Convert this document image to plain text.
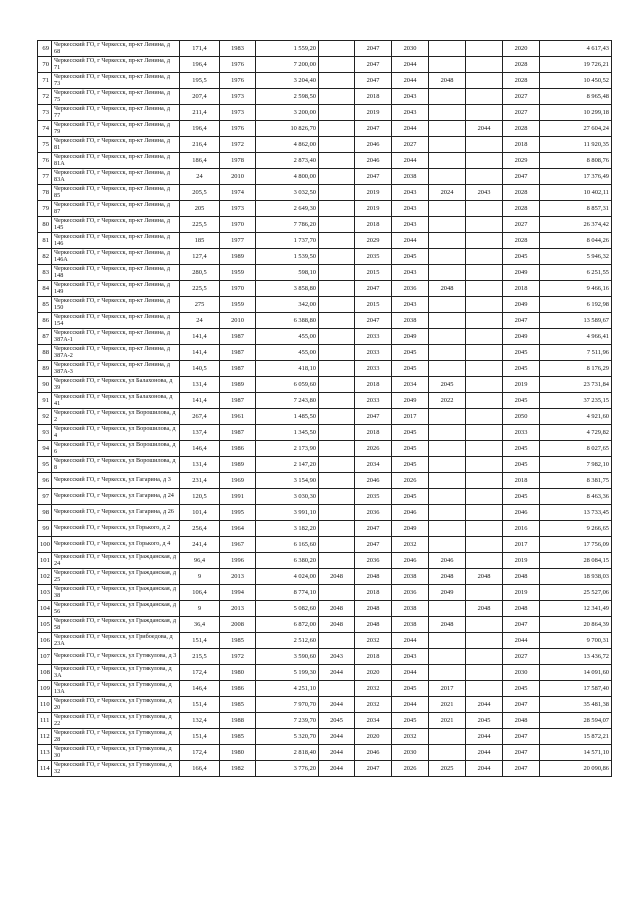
69	Черкесский ГО, г Черкесск, пр-кт Ленина, д 68	171,4	1983	1 559,20		2047	2030			2020	4 617,43
70	Черкесский ГО, г Черкесск, пр-кт Ленина, д 71	196,4	1976	7 200,00		2047	2044			2028	19 726,21
71	Черкесский ГО, г Черкесск, пр-кт Ленина, д 73	195,5	1976	3 204,40		2047	2044	2048		2028	10 450,52
72	Черкесский ГО, г Черкесск, пр-кт Ленина, д 75	207,4	1973	2 598,50		2018	2043			2027	8 965,48
73	Черкесский ГО, г Черкесск, пр-кт Ленина, д 77	211,4	1973	3 200,00		2019	2043			2027	10 299,18
74	Черкесский ГО, г Черкесск, пр-кт Ленина, д 79	196,4	1976	10 826,70		2047	2044		2044	2028	27 604,24
75	Черкесский ГО, г Черкесск, пр-кт Ленина, д 81	216,4	1972	4 862,00		2046	2027			2018	11 920,35
76	Черкесский ГО, г Черкесск, пр-кт Ленина, д 81А	186,4	1978	2 873,40		2046	2044			2029	8 808,76
77	Черкесский ГО, г Черкесск, пр-кт Ленина, д 83А	24	2010	4 800,00		2047	2038			2047	17 376,49
78	Черкесский ГО, г Черкесск, пр-кт Ленина, д 85	205,5	1974	3 032,50		2019	2043	2024	2043	2028	10 402,11
79	Черкесский ГО, г Черкесск, пр-кт Ленина, д 87	205	1973	2 649,30		2019	2043			2028	8 857,31
80	Черкесский ГО, г Черкесск, пр-кт Ленина, д 145	225,5	1970	7 786,20		2018	2043			2027	26 374,42
81	Черкесский ГО, г Черкесск, пр-кт Ленина, д 146	185	1977	1 737,70		2029	2044			2028	8 044,26
82	Черкесский ГО, г Черкесск, пр-кт Ленина, д 146А	127,4	1989	1 539,50		2035	2045			2045	5 946,32
83	Черкесский ГО, г Черкесск, пр-кт Ленина, д 148	280,5	1959	598,10		2015	2043			2049	6 251,55
84	Черкесский ГО, г Черкесск, пр-кт Ленина, д 149	225,5	1970	3 858,80		2047	2036	2048		2018	9 466,16
85	Черкесский ГО, г Черкесск, пр-кт Ленина, д 150	275	1959	342,00		2015	2043			2049	6 192,98
86	Черкесский ГО, г Черкесск, пр-кт Ленина, д 154	24	2010	6 388,80		2047	2038			2047	13 589,67
87	Черкесский ГО, г Черкесск, пр-кт Ленина, д 387А-1	141,4	1987	455,00		2033	2049			2049	4 966,41
88	Черкесский ГО, г Черкесск, пр-кт Ленина, д 387А-2	141,4	1987	455,00		2033	2045			2045	7 511,96
89	Черкесский ГО, г Черкесск, пр-кт Ленина, д 387А-3	140,5	1987	418,10		2033	2045			2045	8 176,29
90	Черкесский ГО, г Черкесск, ул Балахонова, д 39	131,4	1989	6 059,60		2018	2034	2045		2019	23 731,84
91	Черкесский ГО, г Черкесск, ул Балахонова, д 41	141,4	1987	7 243,80		2033	2049	2022		2045	37 235,15
92	Черкесский ГО, г Черкесск, ул Ворошилова, д 2	267,4	1961	1 485,50		2047	2017			2050	4 921,60
93	Черкесский ГО, г Черкесск, ул Ворошилова, д 4	137,4	1987	1 345,50		2018	2045			2033	4 729,82
94	Черкесский ГО, г Черкесск, ул Ворошилова, д 6	146,4	1986	2 173,90		2026	2045			2045	8 027,65
95	Черкесский ГО, г Черкесск, ул Ворошилова, д 8	131,4	1989	2 147,20		2034	2045			2045	7 982,10
96	Черкесский ГО, г Черкесск, ул Гагарина, д 3	231,4	1969	3 154,90		2046	2026			2018	8 381,75
97	Черкесский ГО, г Черкесск, ул Гагарина, д 24	120,5	1991	3 030,30		2035	2045			2045	8 463,36
98	Черкесский ГО, г Черкесск, ул Гагарина, д 26	101,4	1995	3 991,10		2036	2046			2046	13 733,45
99	Черкесский ГО, г Черкесск, ул Горького, д 2	256,4	1964	3 182,20		2047	2049			2016	9 266,65
100	Черкесский ГО, г Черкесск, ул Горького, д 4	241,4	1967	6 165,60		2047	2032			2017	17 756,09
101	Черкесский ГО, г Черкесск, ул Гражданская, д 24	96,4	1996	6 380,20		2036	2046	2046		2019	28 084,15
102	Черкесский ГО, г Черкесск, ул Гражданская, д 25	9	2013	4 024,00	2048	2048	2038	2048	2048	2048	18 938,03
103	Черкесский ГО, г Черкесск, ул Гражданская, д 38	106,4	1994	8 774,10		2018	2036	2049		2019	25 527,06
104	Черкесский ГО, г Черкесск, ул Гражданская, д 56	9	2013	5 082,60	2048	2048	2038		2048	2048	12 341,49
105	Черкесский ГО, г Черкесск, ул Гражданская, д 58	36,4	2008	6 872,00	2048	2048	2038	2048		2047	20 864,39
106	Черкесский ГО, г Черкесск, ул Грибоедова, д 23А	151,4	1985	2 512,60		2032	2044			2044	9 700,31
107	Черкесский ГО, г Черкесск, ул Гутякулова, д 3	215,5	1972	3 590,60	2043	2018	2043			2027	13 436,72
108	Черкесский ГО, г Черкесск, ул Гутякулова, д 3А	172,4	1980	5 199,30	2044	2020	2044			2030	14 091,60
109	Черкесский ГО, г Черкесск, ул Гутякулова, д 13А	146,4	1986	4 251,10		2032	2045	2017		2045	17 587,40
110	Черкесский ГО, г Черкесск, ул Гутякулова, д 20	151,4	1985	7 970,70	2044	2032	2044	2021	2044	2047	35 481,38
111	Черкесский ГО, г Черкесск, ул Гутякулова, д 22	132,4	1988	7 239,70	2045	2034	2045	2021	2045	2048	28 594,07
112	Черкесский ГО, г Черкесск, ул Гутякулова, д 28	151,4	1985	5 320,70	2044	2020	2032		2044	2047	15 872,21
113	Черкесский ГО, г Черкесск, ул Гутякулова, д 30	172,4	1980	2 818,40	2044	2046	2030		2044	2047	14 571,10
114	Черкесский ГО, г Черкесск, ул Гутякулова, д 32	166,4	1982	3 776,20	2044	2047	2026	2025	2044	2047	20 090,86
